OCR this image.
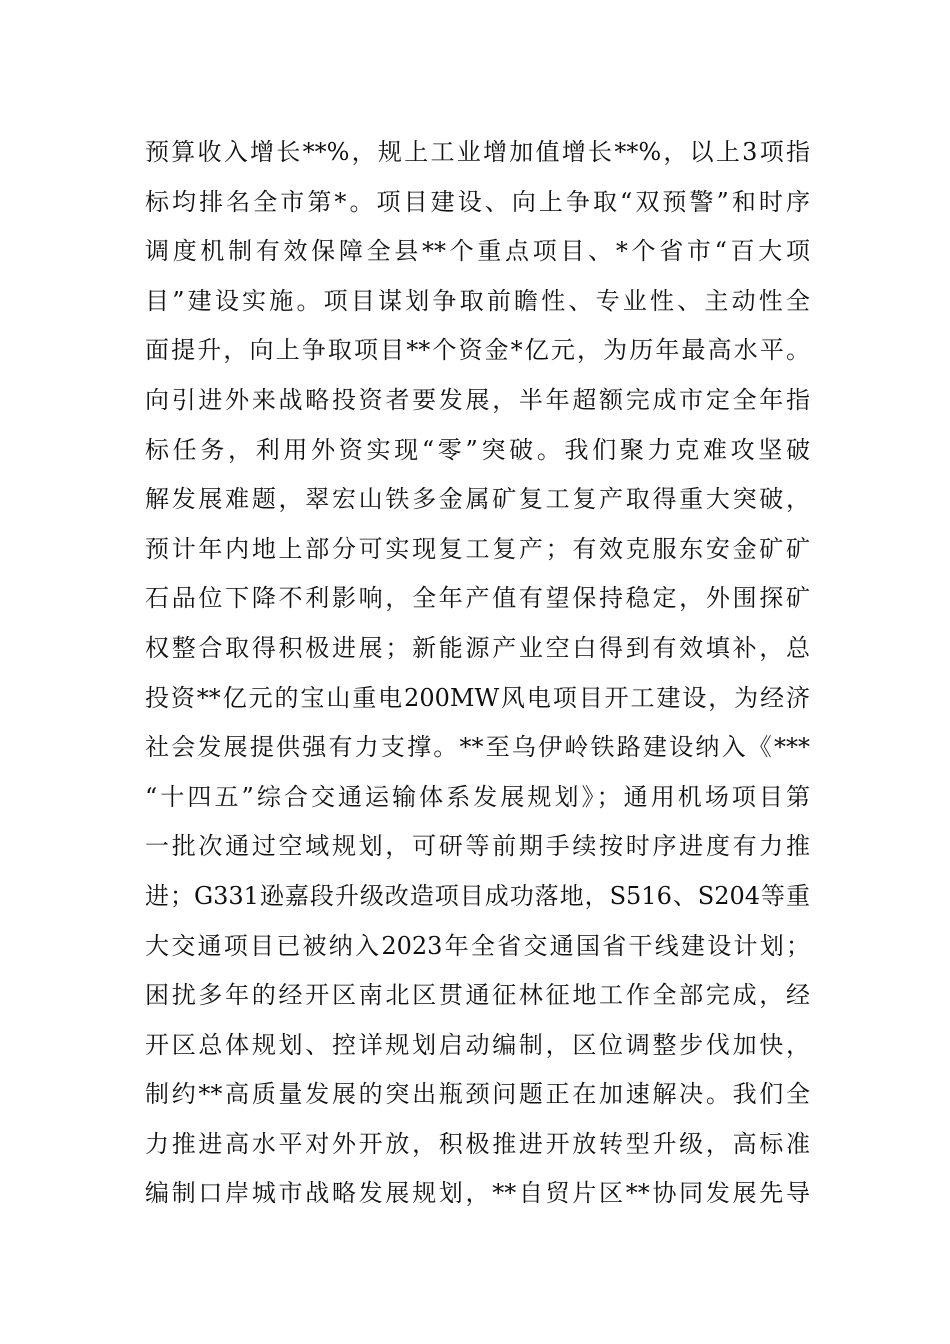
预算收入增长**%，规上工业增加值增长**%，以上3项指
标均排名全市第*。项目建设、向上争取“双预警”和时序
调度机制有效保障全县**个重点项目、*个省市“百大项
目”建设实施。项目谋划争取前瞻性、专业性、主动性全
面提升，向上争取项目**个资金*亿元，为历年最高水平。
向引进外来战略投资者要发展，半年超额完成市定全年指
标任务，利用外资实现“零”突破。我们聚力克难攻坚破
解发展难题，翠宏山铁多金属矿复工复产取得重大突破，
预计年内地上部分可实现复工复产；有效克服东安金矿矿
石品位下降不利影响，全年产值有望保持稳定，外围探矿
权整合取得积极进展；新能源产业空白得到有效填补，总
投资**亿元的宝山重电200MW风电项目开工建设，为经济
社会发展提供强有力支撑。**至乌伊岭铁路建设纳入《***
“十四五”综合交通运输体系发展规划》；通用机场项目第
一批次通过空域规划，可研等前期手续按时序进度有力推
进；G331逊嘉段升级改造项目成功落地，S516、S204等重
大交通项目已被纳入2023年全省交通国省干线建设计划；
困扰多年的经开区南北区贯通征林征地工作全部完成，经
开区总体规划、控详规划启动编制，区位调整步伐加快，
制约**高质量发展的突出瓶颈问题正在加速解决。我们全
力推进高水平对外开放，积极推进开放转型升级，高标准
编制口岸城市战略发展规划，**自贸片区**协同发展先导
